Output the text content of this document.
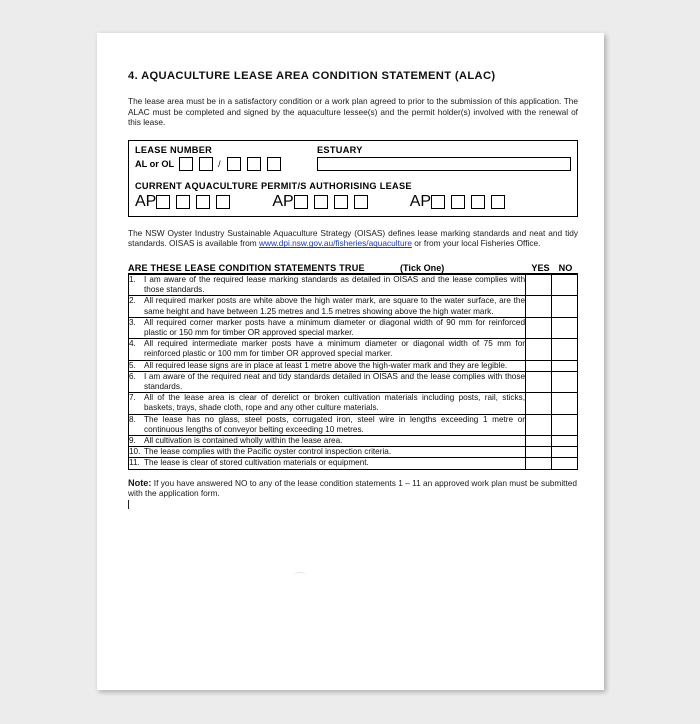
4. AQUACULTURE LEASE AREA CONDITION STATEMENT (ALAC)

The lease area must be in a satisfactory condition or a work plan agreed to prior to the submission of this application. The ALAC must be completed and signed by the aquaculture lessee(s) and the permit holder(s) involved with the renewal of this lease.

LEASE NUMBER
AL or OL	/
ESTUARY
CURRENT AQUACULTURE PERMIT/S AUTHORISING LEASE
AP	AP	AP

The NSW Oyster Industry Sustainable Aquaculture Strategy (OISAS) defines lease marking standards and neat and tidy standards. OISAS is available from www.dpi.nsw.gov.au/fisheries/aquaculture or from your local Fisheries Office.

ARE THESE LEASE CONDITION STATEMENTS TRUE	(Tick One)	YES NO
1. I am aware of the required lease marking standards as detailed in OISAS and the lease complies with those standards.		

2. All required marker posts are white above the high water mark, are square to the water surface, are the same height and have between 1.25 metres and 1.5 metres showing above the high water mark.		

3. All required corner marker posts have a minimum diameter or diagonal width of 90 mm for reinforced plastic or 150 mm for timber OR approved special marker.		

4. All required intermediate marker posts have a minimum diameter or diagonal width of 75 mm for reinforced plastic or 100 mm for timber OR approved special marker.		

5. All required lease signs are in place at least 1 metre above the high-water mark and they are legible.		

6. I am aware of the required neat and tidy standards detailed in OISAS and the lease complies with those standards.		

7. All of the lease area is clear of derelict or broken cultivation materials including posts, rail, sticks, baskets, trays, shade cloth, rope and any other culture materials.		

8. The lease has no glass, steel posts, corrugated iron, steel wire in lengths exceeding 1 metre or continuous lengths of conveyor belting exceeding 10 metres.		

9. All cultivation is contained wholly within the lease area.		

10. The lease complies with the Pacific oyster control inspection criteria.		

11. The lease is clear of stored cultivation materials or equipment.		

Note: If you have answered NO to any of the lease condition statements 1 – 11 an approved work plan must be submitted with the application form.
